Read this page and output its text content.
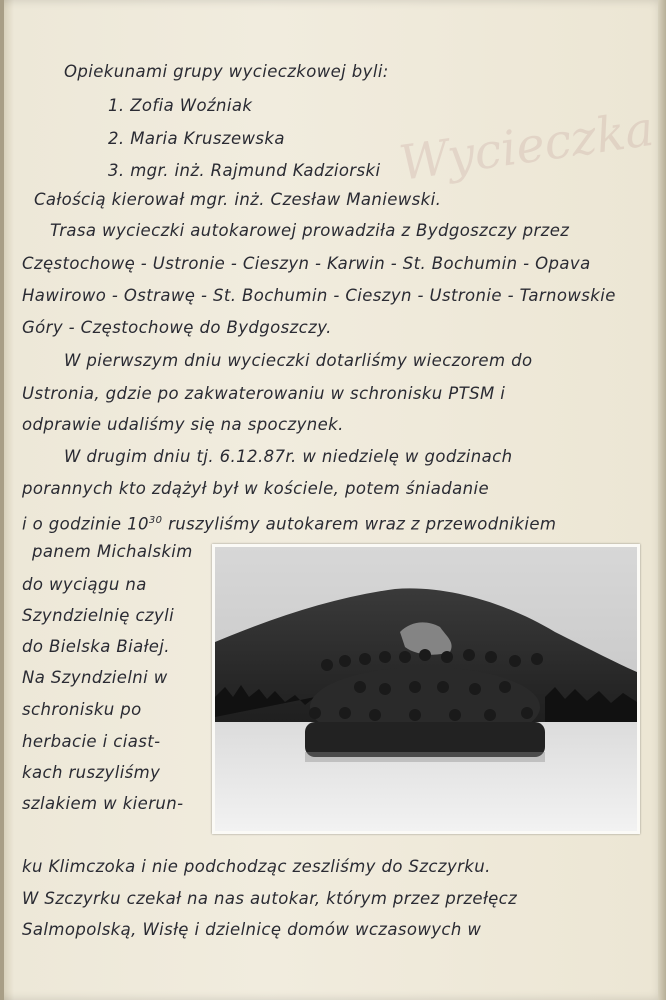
Wycieczka
Opiekunami grupy wycieczkowej byli:
1. Zofia Woźniak
2. Maria Kruszewska
3. mgr. inż. Rajmund Kadziorski
Całością kierował mgr. inż. Czesław Maniewski.
Trasa wycieczki autokarowej prowadziła z Bydgoszczy przez
Częstochowę - Ustronie - Cieszyn - Karwin - St. Bochumin - Opava
Hawirowo - Ostrawę - St. Bochumin - Cieszyn - Ustronie - Tarnowskie
Góry - Częstochowę do Bydgoszczy.
W pierwszym dniu wycieczki dotarliśmy wieczorem do
Ustronia, gdzie po zakwaterowaniu w schronisku PTSM i
odprawie udaliśmy się na spoczynek.
W drugim dniu tj. 6.12.87r. w niedzielę w godzinach
porannych kto zdążył był w kościele, potem śniadanie
i o godzinie $10^{30}$ ruszyliśmy autokarem wraz z przewodnikiem
panem Michalskim
do wyciągu na
Szyndzielnię czyli
do Bielska Białej.
Na Szyndzielni w
schronisku po
herbacie i ciast-
kach ruszyliśmy
szlakiem w kierun-
ku Klimczoka i nie podchodząc zeszliśmy do Szczyrku.
W Szczyrku czekał na nas autokar, którym przez przełęcz
Salmopolską, Wisłę i dzielnicę domów wczasowych w
